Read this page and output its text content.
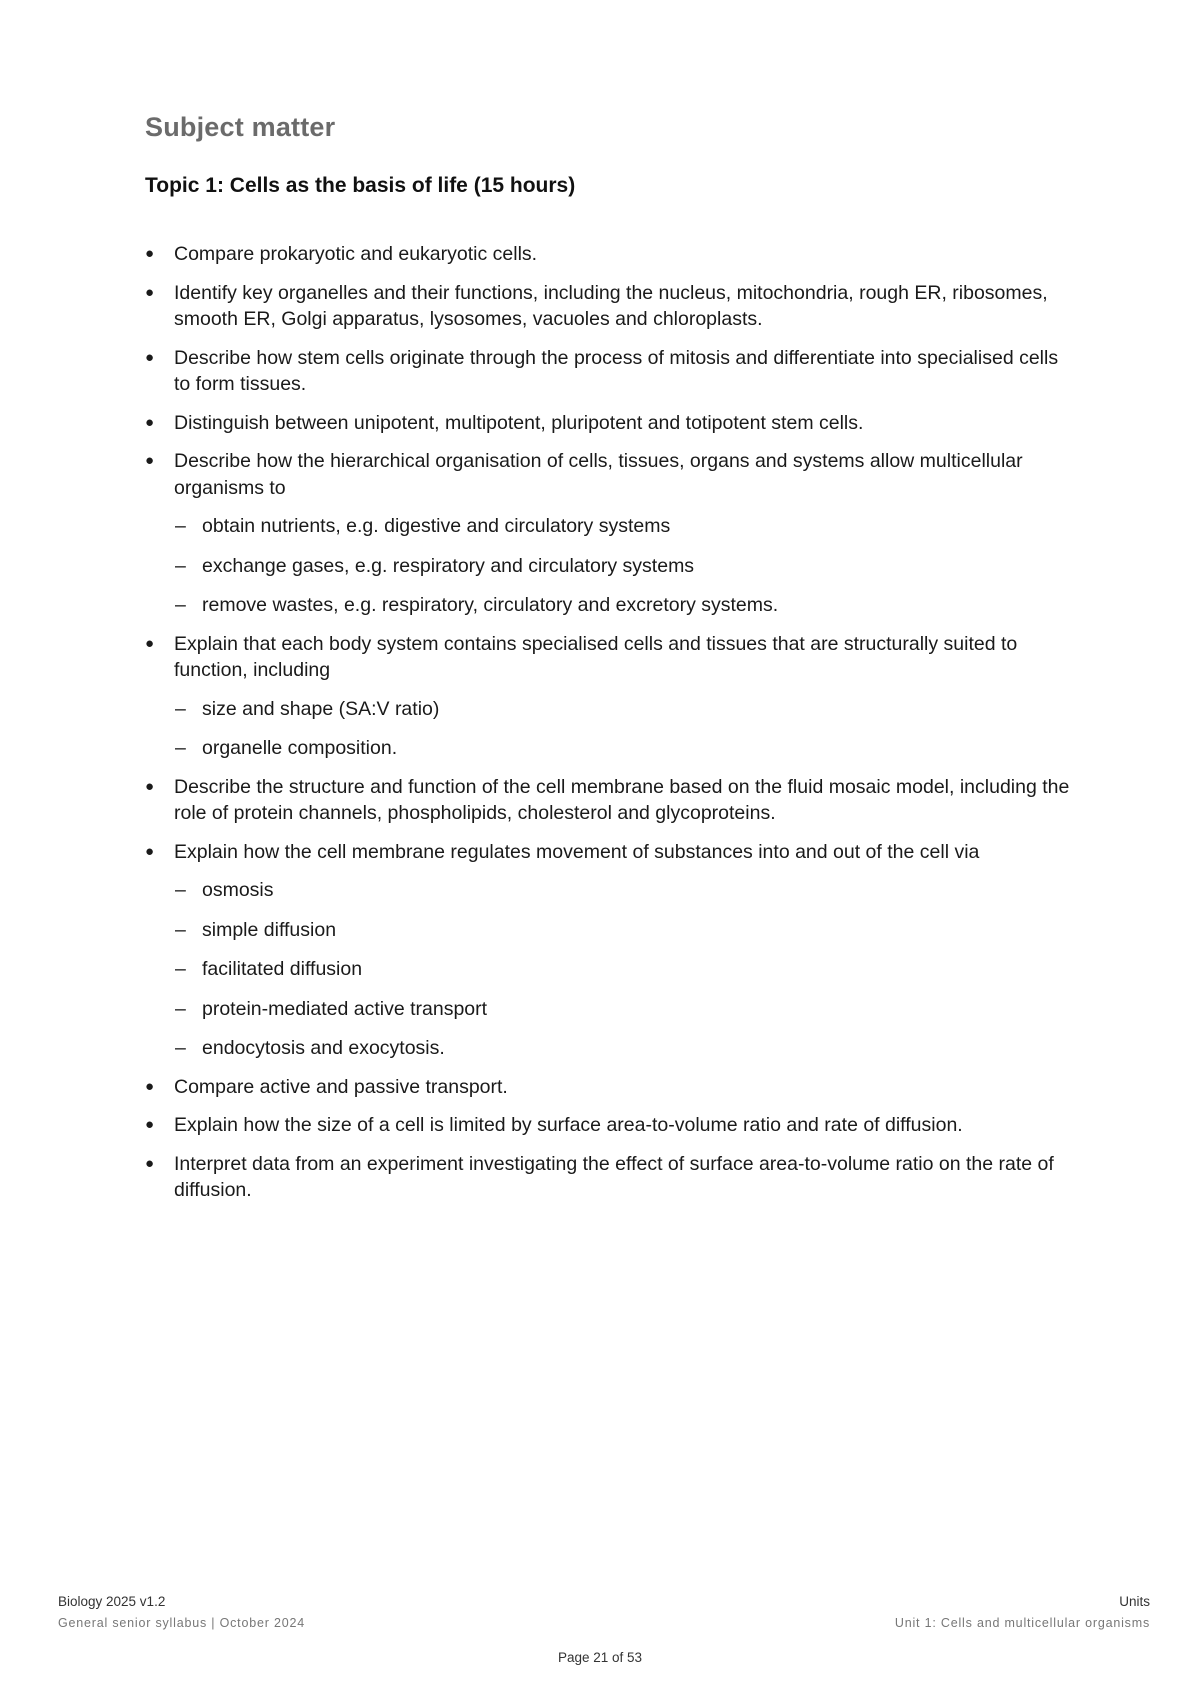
Subject matter
Topic 1: Cells as the basis of life (15 hours)
●	Compare prokaryotic and eukaryotic cells.
●	Identify key organelles and their functions, including the nucleus, mitochondria, rough ER, ribosomes, smooth ER, Golgi apparatus, lysosomes, vacuoles and chloroplasts.
●	Describe how stem cells originate through the process of mitosis and differentiate into specialised cells to form tissues.
●	Distinguish between unipotent, multipotent, pluripotent and totipotent stem cells.
●	Describe how the hierarchical organisation of cells, tissues, organs and systems allow multicellular organisms to
– obtain nutrients, e.g. digestive and circulatory systems
– exchange gases, e.g. respiratory and circulatory systems
– remove wastes, e.g. respiratory, circulatory and excretory systems.
●	Explain that each body system contains specialised cells and tissues that are structurally suited to function, including
– size and shape (SA:V ratio)
– organelle composition.
●	Describe the structure and function of the cell membrane based on the fluid mosaic model, including the role of protein channels, phospholipids, cholesterol and glycoproteins.
●	Explain how the cell membrane regulates movement of substances into and out of the cell via
– osmosis
– simple diffusion
– facilitated diffusion
– protein-mediated active transport
– endocytosis and exocytosis.
●	Compare active and passive transport.
●	Explain how the size of a cell is limited by surface area-to-volume ratio and rate of diffusion.
●	Interpret data from an experiment investigating the effect of surface area-to-volume ratio on the rate of diffusion.

Biology 2025 v1.2

General senior syllabus | October 2024

Units

Unit 1: Cells and multicellular organisms

Page 21 of 53
